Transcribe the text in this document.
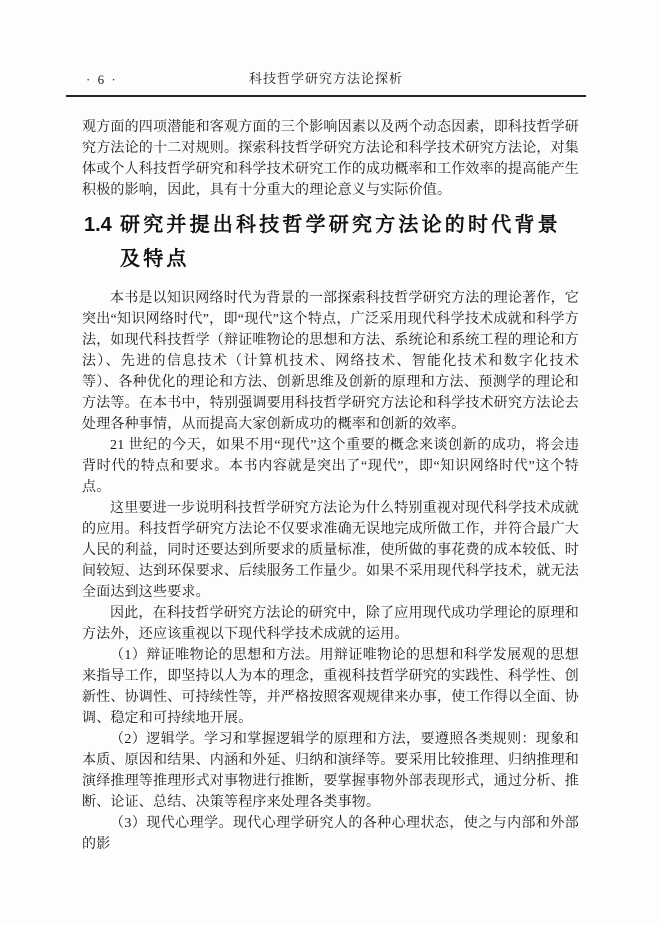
· 6 ·	科技哲学研究方法论探析

观方面的四项潜能和客观方面的三个影响因素以及两个动态因素，即科技哲学研究方法论的十二对规则。探索科技哲学研究方法论和科学技术研究方法论，对集体或个人科技哲学研究和科学技术研究工作的成功概率和工作效率的提高能产生积极的影响，因此，具有十分重大的理论意义与实际价值。

1.4 研究并提出科技哲学研究方法论的时代背景及特点

本书是以知识网络时代为背景的一部探索科技哲学研究方法的理论著作，它突出“知识网络时代”，即“现代”这个特点，广泛采用现代科学技术成就和科学方法，如现代科技哲学（辩证唯物论的思想和方法、系统论和系统工程的理论和方法）、先进的信息技术（计算机技术、网络技术、智能化技术和数字化技术等）、各种优化的理论和方法、创新思维及创新的原理和方法、预测学的理论和方法等。在本书中，特别强调要用科技哲学研究方法论和科学技术研究方法论去处理各种事情，从而提高大家创新成功的概率和创新的效率。

21 世纪的今天，如果不用“现代”这个重要的概念来谈创新的成功，将会违背时代的特点和要求。本书内容就是突出了“现代”，即“知识网络时代”这个特点。

这里要进一步说明科技哲学研究方法论为什么特别重视对现代科学技术成就的应用。科技哲学研究方法论不仅要求准确无误地完成所做工作，并符合最广大人民的利益，同时还要达到所要求的质量标准，使所做的事花费的成本较低、时间较短、达到环保要求、后续服务工作量少。如果不采用现代科学技术，就无法全面达到这些要求。

因此，在科技哲学研究方法论的研究中，除了应用现代成功学理论的原理和方法外，还应该重视以下现代科学技术成就的运用。

（1）辩证唯物论的思想和方法。用辩证唯物论的思想和科学发展观的思想来指导工作，即坚持以人为本的理念，重视科技哲学研究的实践性、科学性、创新性、协调性、可持续性等，并严格按照客观规律来办事，使工作得以全面、协调、稳定和可持续地开展。

（2）逻辑学。学习和掌握逻辑学的原理和方法，要遵照各类规则：现象和本质、原因和结果、内涵和外延、归纳和演绎等。要采用比较推理、归纳推理和演绎推理等推理形式对事物进行推断，要掌握事物外部表现形式，通过分析、推断、论证、总结、决策等程序来处理各类事物。

（3）现代心理学。现代心理学研究人的各种心理状态，使之与内部和外部的影
